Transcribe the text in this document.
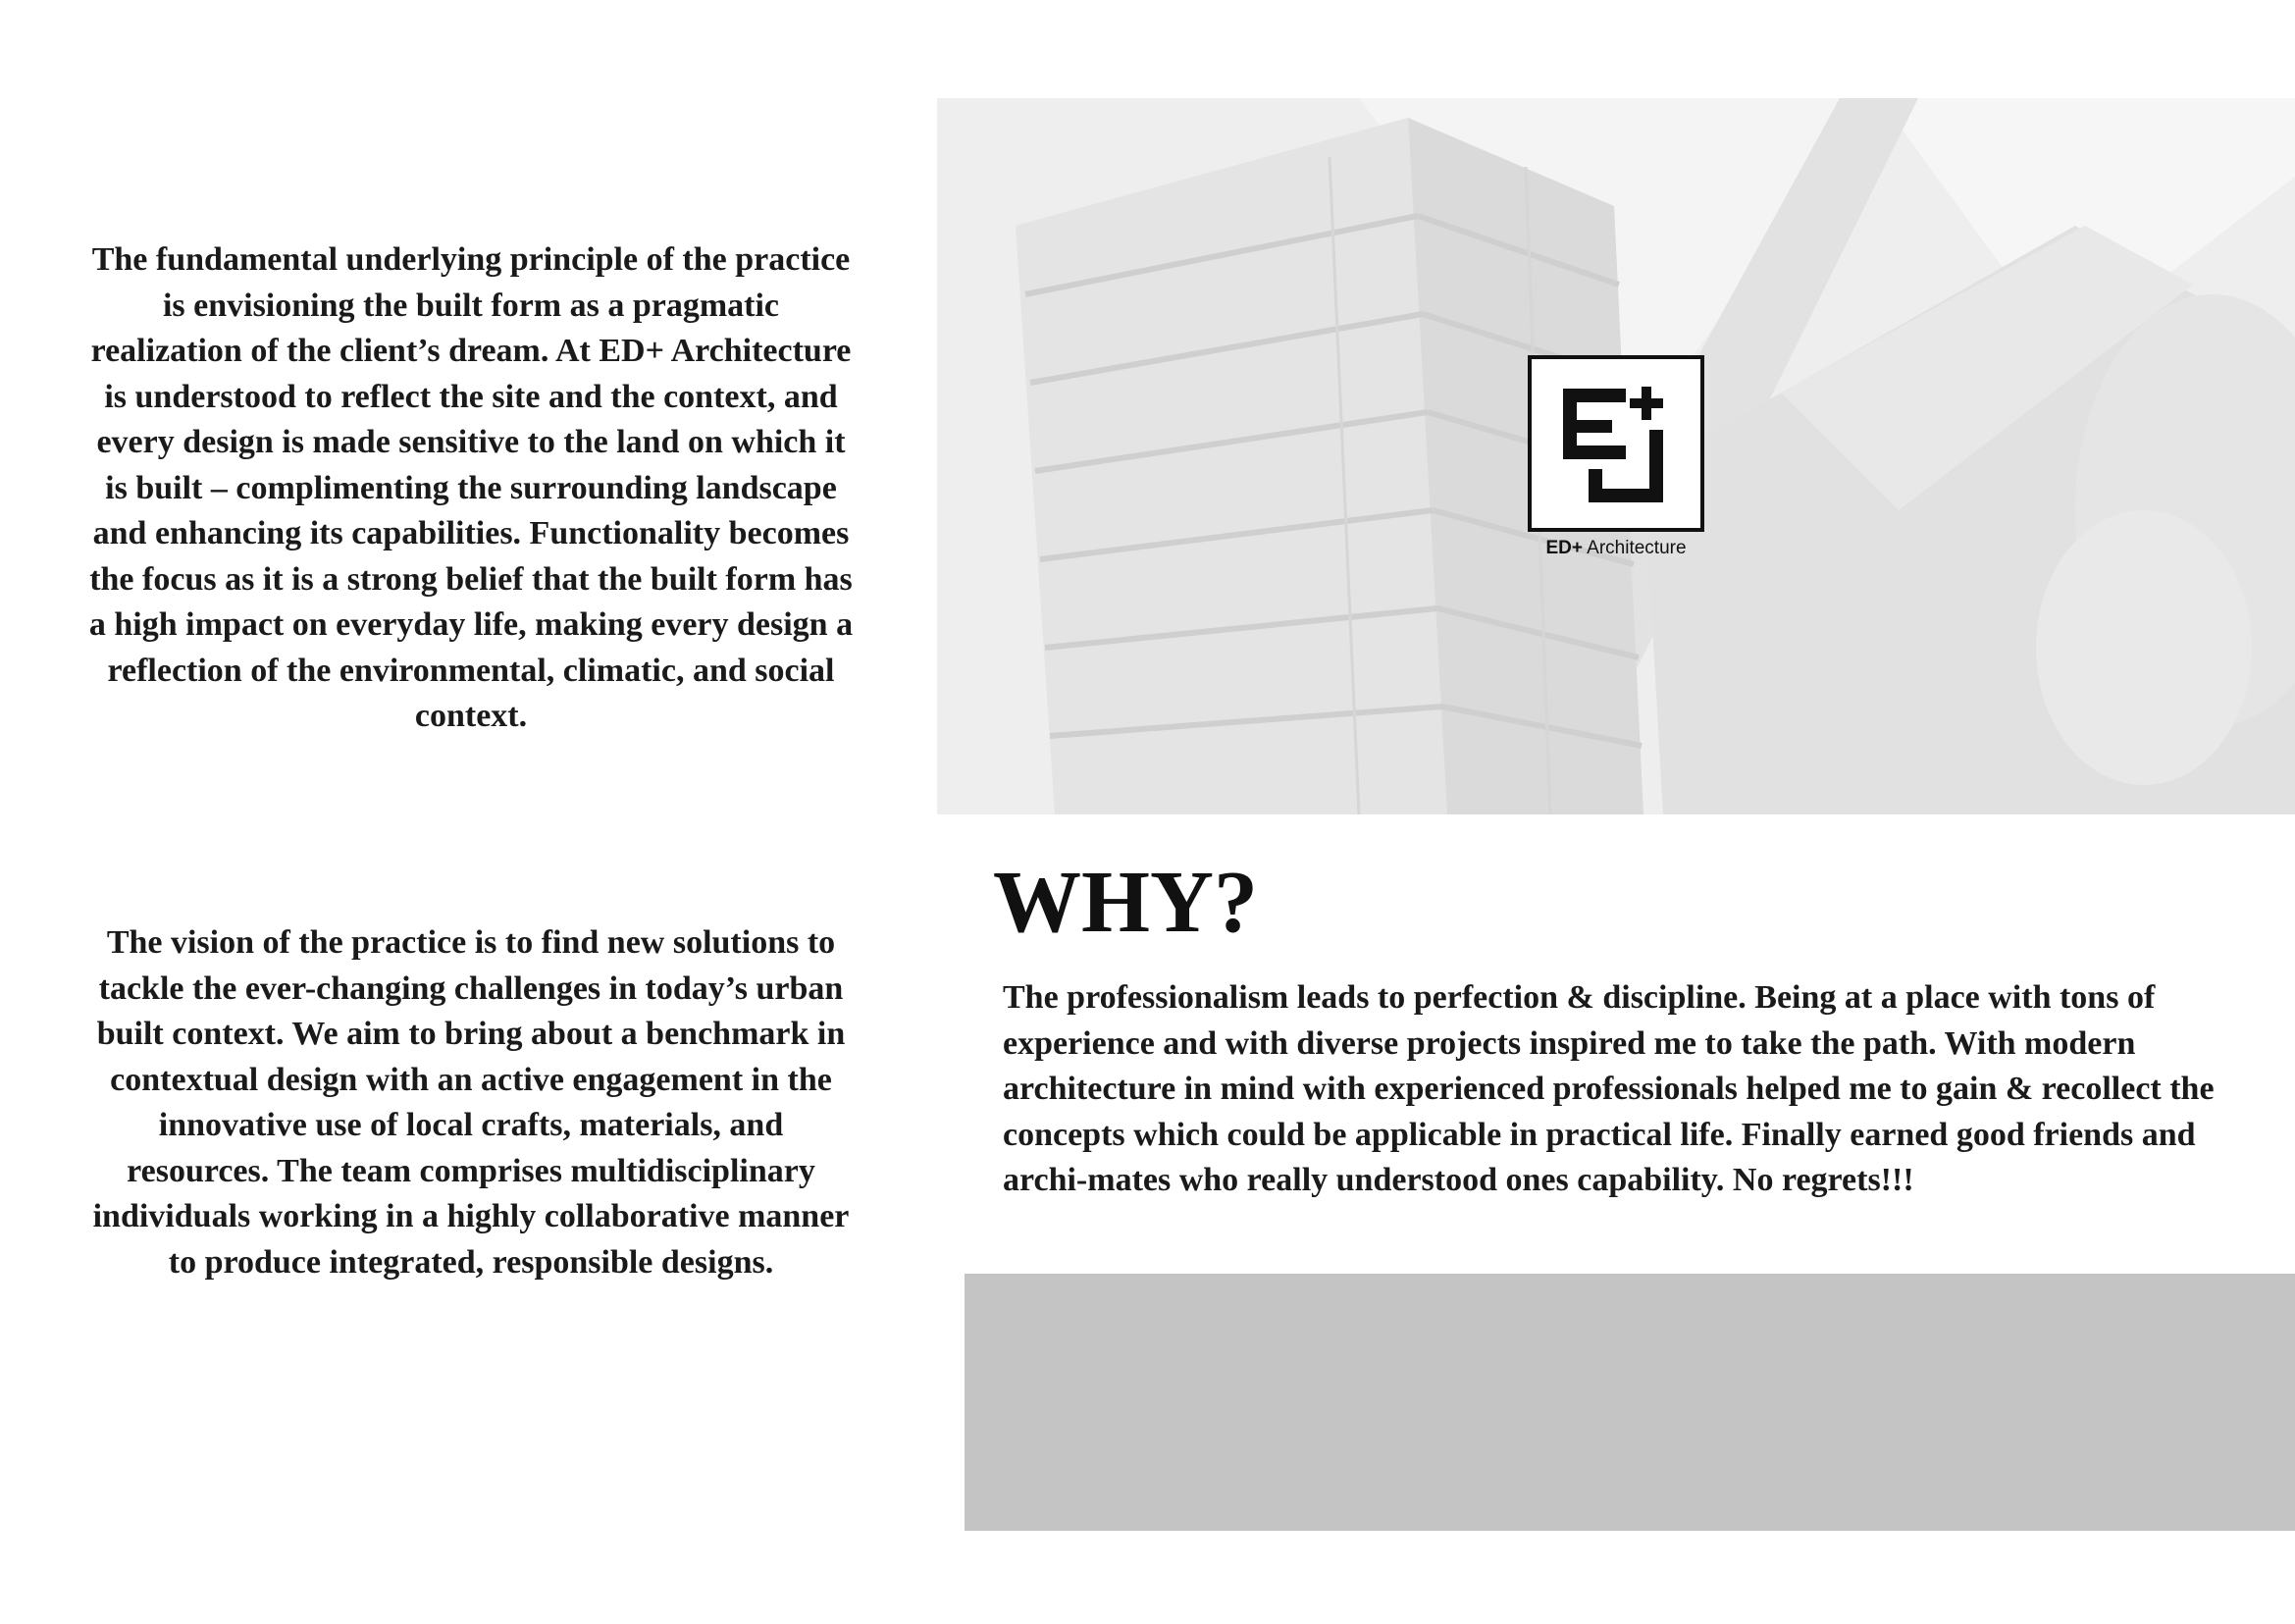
The fundamental underlying principle of the practice is envisioning the built form as a pragmatic realization of the client’s dream. At ED+ Architecture is understood to reflect the site and the context, and every design is made sensitive to the land on which it is built – complimenting the surrounding landscape and enhancing its capabilities. Functionality becomes the focus as it is a strong belief that the built form has a high impact on everyday life, making every design a reflection of the environmental, climatic, and social context.

The vision of the practice is to find new solutions to tackle the ever-changing challenges in today’s urban built context. We aim to bring about a benchmark in contextual design with an active engagement in the innovative use of local crafts, materials, and resources. The team comprises multidisciplinary individuals working in a highly collaborative manner to produce integrated, responsible designs.

ED+ Architecture
WHY?

The professionalism leads to perfection & discipline. Being at a place with tons of experience and with diverse projects inspired me to take the path. With modern architecture in mind with experienced professionals helped me to gain & recollect the concepts which could be applicable in practical life. Finally earned good friends and archi-mates who really understood ones capability. No regrets!!!
